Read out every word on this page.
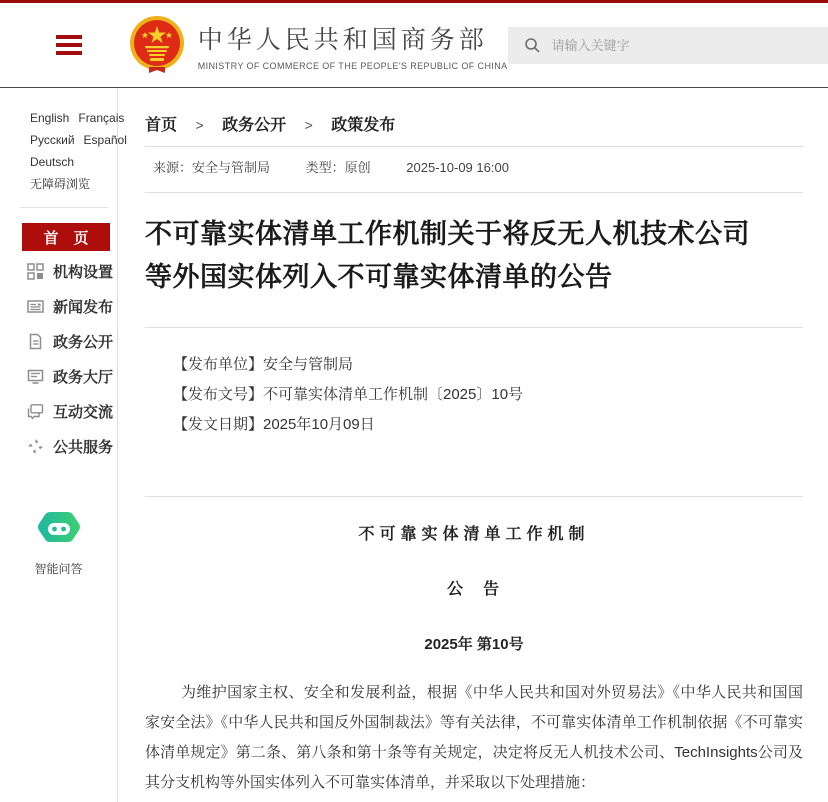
中华人民共和国商务部
MINISTRY OF COMMERCE OF THE PEOPLE'S REPUBLIC OF CHINA
请输入关键字
English Français
Русский Español
Deutsch
无障碍浏览
首　页
机构设置
新闻发布
政务公开
政务大厅
互动交流
公共服务
智能问答
首页 > 政务公开 > 政策发布
来源：安全与管制局	类型：原创	2025-10-09 16:00
不可靠实体清单工作机制关于将反无人机技术公司等外国实体列入不可靠实体清单的公告
【发布单位】安全与管制局
【发布文号】不可靠实体清单工作机制〔2025〕10号
【发文日期】2025年10月09日
不可靠实体清单工作机制
公　告
2025年 第10号

为维护国家主权、安全和发展利益，根据《中华人民共和国对外贸易法》《中华人民共和国国家安全法》《中华人民共和国反外国制裁法》等有关法律，不可靠实体清单工作机制依据《不可靠实体清单规定》第二条、第八条和第十条等有关规定，决定将反无人机技术公司、TechInsights公司及其分支机构等外国实体列入不可靠实体清单，并采取以下处理措施：
